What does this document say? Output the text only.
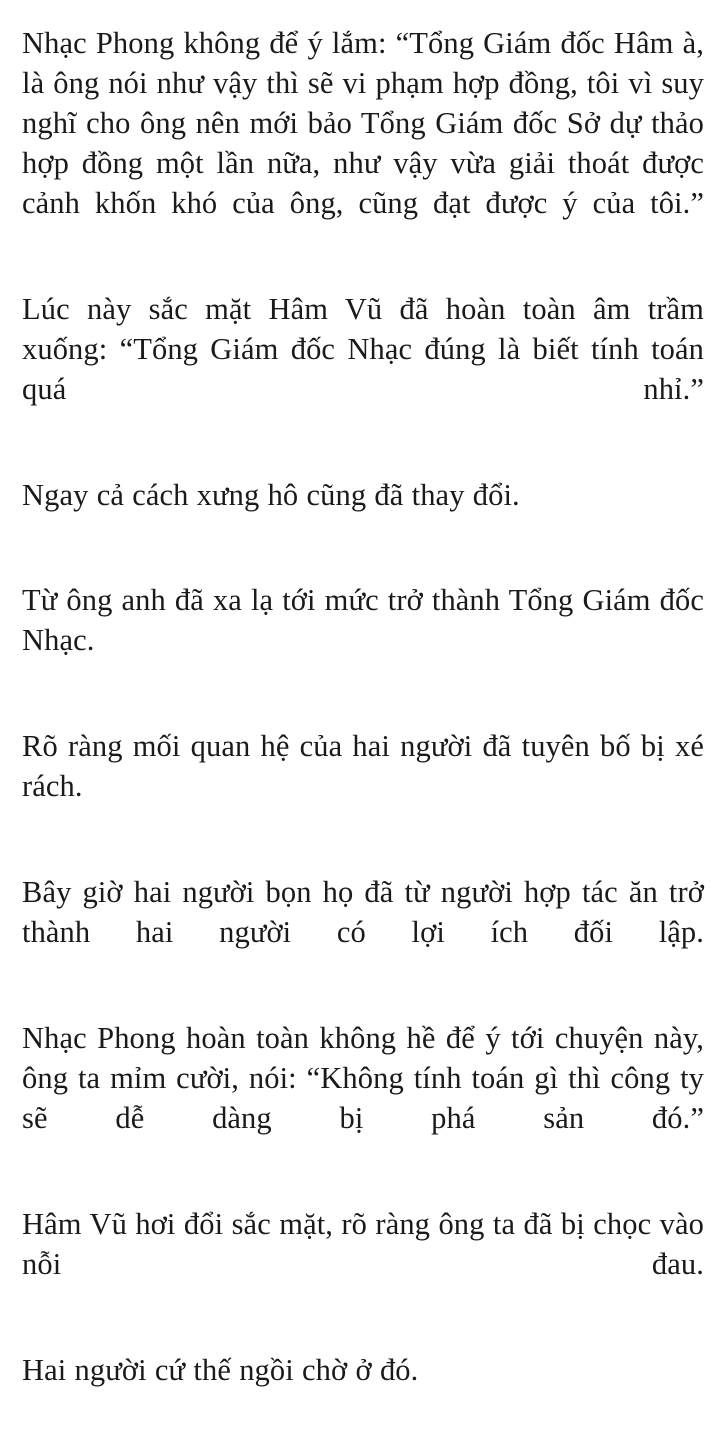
Nhạc Phong không để ý lắm: “Tổng Giám đốc Hâm à, là ông nói như vậy thì sẽ vi phạm hợp đồng, tôi vì suy nghĩ cho ông nên mới bảo Tổng Giám đốc Sở dự thảo hợp đồng một lần nữa, như vậy vừa giải thoát được cảnh khốn khó của ông, cũng đạt được ý của tôi.”

Lúc này sắc mặt Hâm Vũ đã hoàn toàn âm trầm xuống: “Tổng Giám đốc Nhạc đúng là biết tính toán quá nhỉ.”

Ngay cả cách xưng hô cũng đã thay đổi.

Từ ông anh đã xa lạ tới mức trở thành Tổng Giám đốc Nhạc.

Rõ ràng mối quan hệ của hai người đã tuyên bố bị xé rách.

Bây giờ hai người bọn họ đã từ người hợp tác ăn trở thành hai người có lợi ích đối lập.

Nhạc Phong hoàn toàn không hề để ý tới chuyện này, ông ta mỉm cười, nói: “Không tính toán gì thì công ty sẽ dễ dàng bị phá sản đó.”

Hâm Vũ hơi đổi sắc mặt, rõ ràng ông ta đã bị chọc vào nỗi đau.

Hai người cứ thế ngồi chờ ở đó.
